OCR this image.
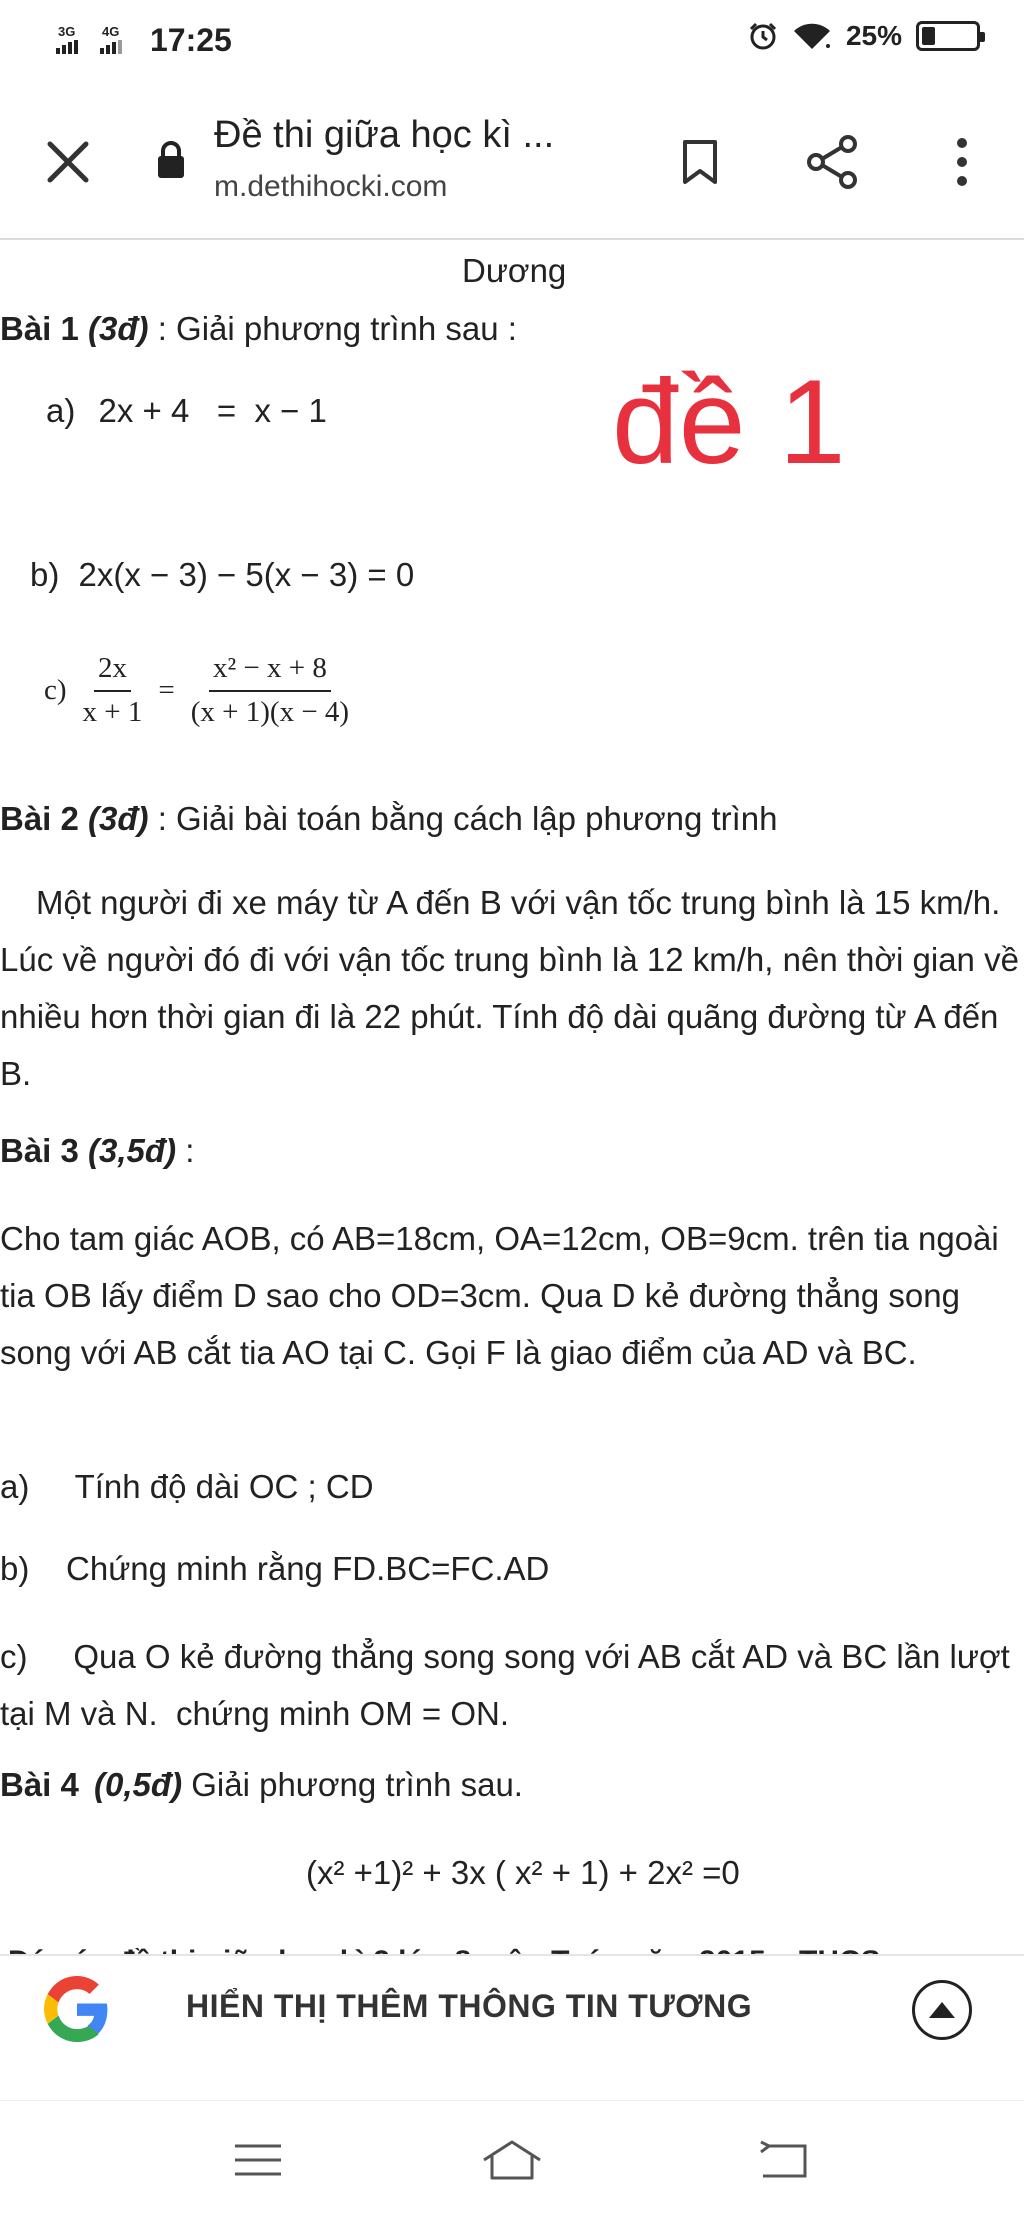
3G 4G 17:25	25%
Đề thi giữa học kì ...
m.dethihocki.com
Dương
Bài 1 (3đ) : Giải phương trình sau :
a) 2x + 4   =  x − 1 đề 1
b) 2x(x − 3) − 5(x − 3) = 0
$c) \frac{2x}{x + 1} = \frac{\text{x² − x + 8}}{(x + 1)(x - 4)}$
Bài 2 (3đ) : Giải bài toán bằng cách lập phương trình
Một người đi xe máy từ A đến B với vận tốc trung bình là 15 km/h. Lúc về người đó đi với vận tốc trung bình là 12 km/h, nên thời gian về nhiều hơn thời gian đi là 22 phút. Tính độ dài quãng đường từ A đến B.
Bài 3 (3,5đ) :
Cho tam giác AOB, có AB=18cm, OA=12cm, OB=9cm. trên tia ngoài tia OB lấy điểm D sao cho OD=3cm. Qua D kẻ đường thẳng song song với AB cắt tia AO tại C. Gọi F là giao điểm của AD và BC.
a)     Tính độ dài OC ; CD
b)    Chứng minh rằng FD.BC=FC.AD
c)     Qua O kẻ đường thẳng song song với AB cắt AD và BC lần lượt tại M và N.  chứng minh OM = ON.
Bài 4 (0,5đ) Giải phương trình sau.
(x² +1)² + 3x ( x² + 1) + 2x² =0
HIỂN THỊ THÊM THÔNG TIN TƯƠNG
